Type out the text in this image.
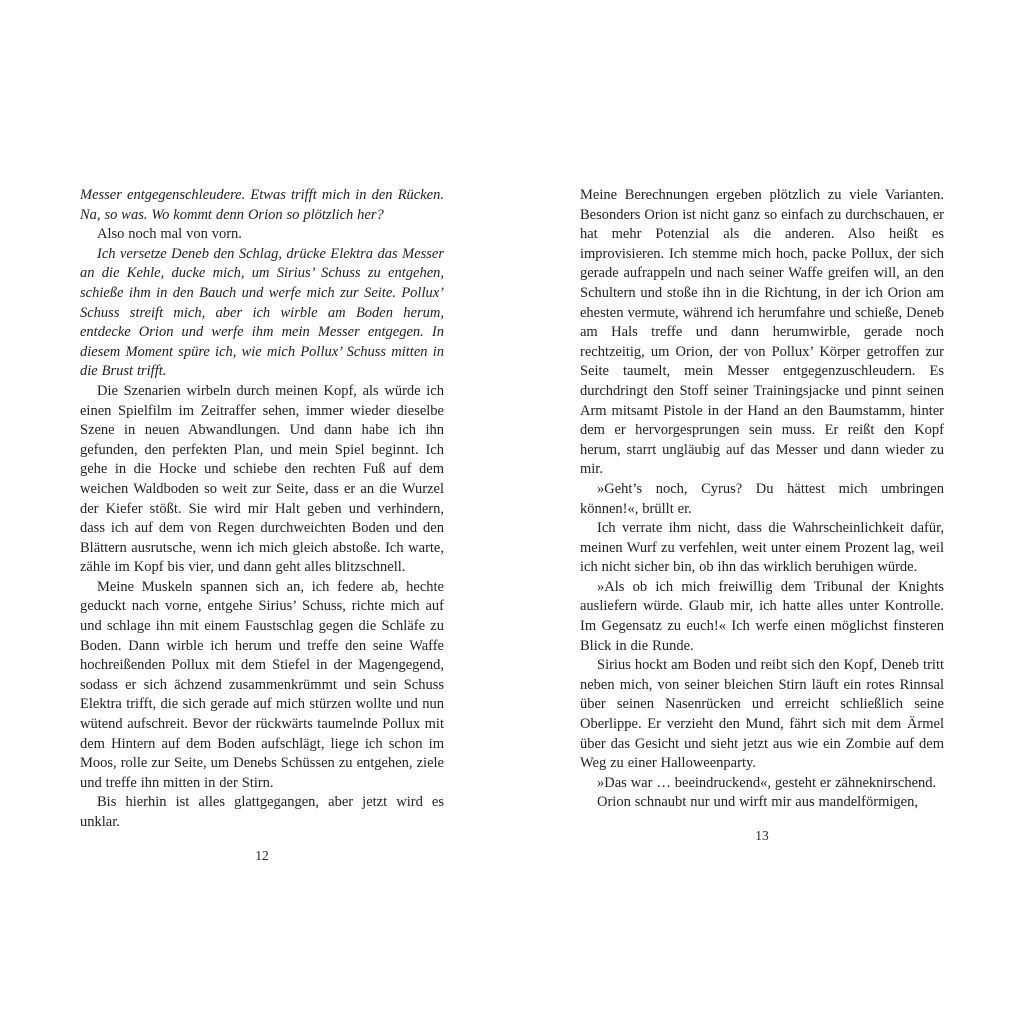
Messer entgegenschleudere. Etwas trifft mich in den Rücken. Na, so was. Wo kommt denn Orion so plötzlich her?

Also noch mal von vorn.

Ich versetze Deneb den Schlag, drücke Elektra das Messer an die Kehle, ducke mich, um Sirius’ Schuss zu entgehen, schieße ihm in den Bauch und werfe mich zur Seite. Pollux’ Schuss streift mich, aber ich wirble am Boden herum, entdecke Orion und werfe ihm mein Messer entgegen. In diesem Moment spüre ich, wie mich Pollux’ Schuss mitten in die Brust trifft.

Die Szenarien wirbeln durch meinen Kopf, als würde ich einen Spielfilm im Zeitraffer sehen, immer wieder dieselbe Szene in neuen Abwandlungen. Und dann habe ich ihn gefunden, den perfekten Plan, und mein Spiel beginnt. Ich gehe in die Hocke und schiebe den rechten Fuß auf dem weichen Waldboden so weit zur Seite, dass er an die Wurzel der Kiefer stößt. Sie wird mir Halt geben und verhindern, dass ich auf dem von Regen durchweichten Boden und den Blättern ausrutsche, wenn ich mich gleich abstoße. Ich warte, zähle im Kopf bis vier, und dann geht alles blitzschnell.

Meine Muskeln spannen sich an, ich federe ab, hechte geduckt nach vorne, entgehe Sirius’ Schuss, richte mich auf und schlage ihn mit einem Faustschlag gegen die Schläfe zu Boden. Dann wirble ich herum und treffe den seine Waffe hochreißenden Pollux mit dem Stiefel in der Magengegend, sodass er sich ächzend zusammenkrümmt und sein Schuss Elektra trifft, die sich gerade auf mich stürzen wollte und nun wütend aufschreit. Bevor der rückwärts taumelnde Pollux mit dem Hintern auf dem Boden aufschlägt, liege ich schon im Moos, rolle zur Seite, um Denebs Schüssen zu entgehen, ziele und treffe ihn mitten in der Stirn.

Bis hierhin ist alles glattgegangen, aber jetzt wird es unklar.

12

Meine Berechnungen ergeben plötzlich zu viele Varianten. Besonders Orion ist nicht ganz so einfach zu durchschauen, er hat mehr Potenzial als die anderen. Also heißt es improvisieren. Ich stemme mich hoch, packe Pollux, der sich gerade aufrappeln und nach seiner Waffe greifen will, an den Schultern und stoße ihn in die Richtung, in der ich Orion am ehesten vermute, während ich herumfahre und schieße, Deneb am Hals treffe und dann herumwirble, gerade noch rechtzeitig, um Orion, der von Pollux’ Körper getroffen zur Seite taumelt, mein Messer entgegenzuschleudern. Es durchdringt den Stoff seiner Trainingsjacke und pinnt seinen Arm mitsamt Pistole in der Hand an den Baumstamm, hinter dem er hervorgesprungen sein muss. Er reißt den Kopf herum, starrt ungläubig auf das Messer und dann wieder zu mir.

»Geht’s noch, Cyrus? Du hättest mich umbringen können!«, brüllt er.

Ich verrate ihm nicht, dass die Wahrscheinlichkeit dafür, meinen Wurf zu verfehlen, weit unter einem Prozent lag, weil ich nicht sicher bin, ob ihn das wirklich beruhigen würde.

»Als ob ich mich freiwillig dem Tribunal der Knights ausliefern würde. Glaub mir, ich hatte alles unter Kontrolle. Im Gegensatz zu euch!« Ich werfe einen möglichst finsteren Blick in die Runde.

Sirius hockt am Boden und reibt sich den Kopf, Deneb tritt neben mich, von seiner bleichen Stirn läuft ein rotes Rinnsal über seinen Nasenrücken und erreicht schließlich seine Oberlippe. Er verzieht den Mund, fährt sich mit dem Ärmel über das Gesicht und sieht jetzt aus wie ein Zombie auf dem Weg zu einer Halloweenparty.

»Das war … beeindruckend«, gesteht er zähneknirschend.

Orion schnaubt nur und wirft mir aus mandelförmigen,

13
